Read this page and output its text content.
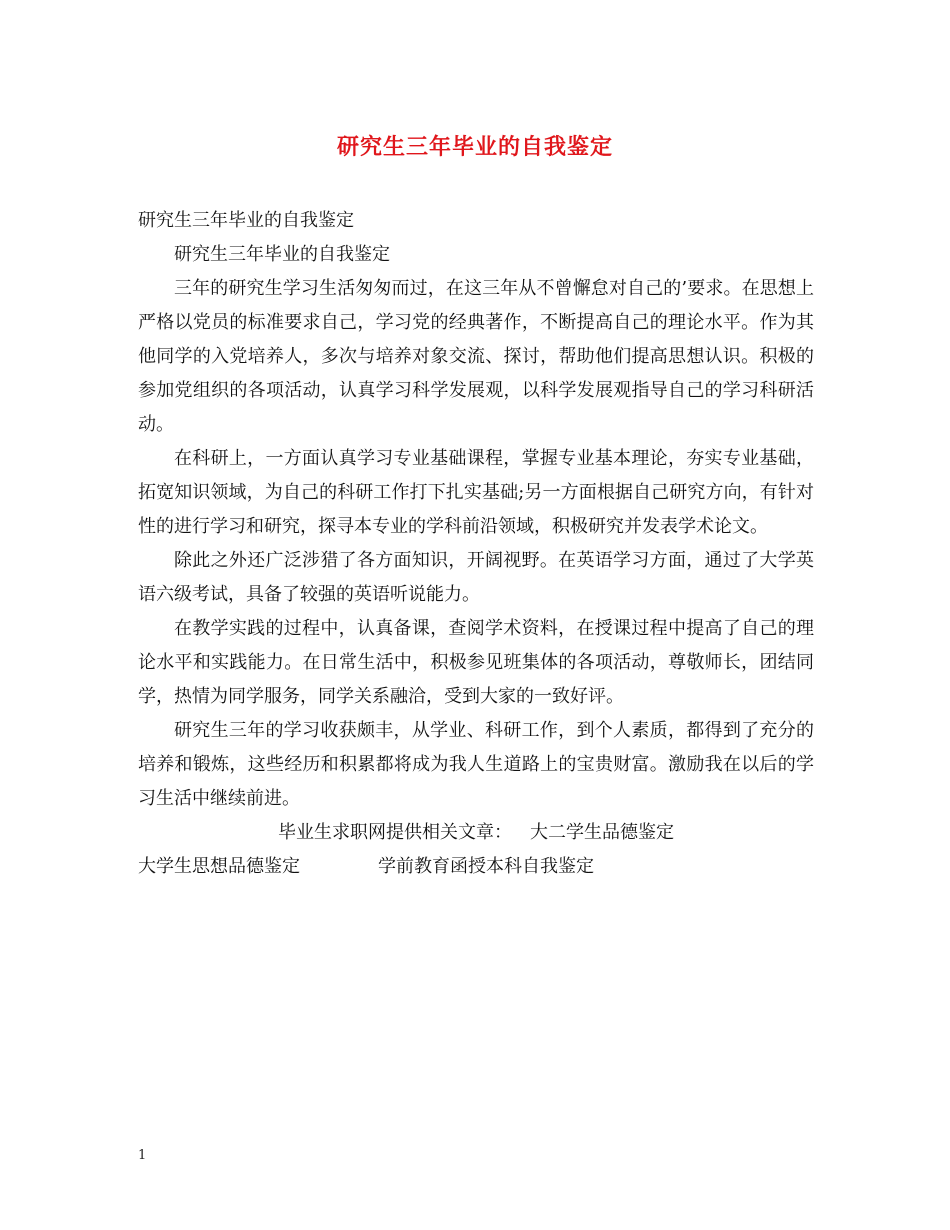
研究生三年毕业的自我鉴定

研究生三年毕业的自我鉴定

研究生三年毕业的自我鉴定

三年的研究生学习生活匆匆而过，在这三年从不曾懈怠对自己的’要求。在思想上严格以党员的标准要求自己，学习党的经典著作，不断提高自己的理论水平。作为其他同学的入党培养人，多次与培养对象交流、探讨，帮助他们提高思想认识。积极的参加党组织的各项活动，认真学习科学发展观，以科学发展观指导自己的学习科研活动。

在科研上，一方面认真学习专业基础课程，掌握专业基本理论，夯实专业基础，拓宽知识领域，为自己的科研工作打下扎实基础;另一方面根据自己研究方向，有针对性的进行学习和研究，探寻本专业的学科前沿领域，积极研究并发表学术论文。

除此之外还广泛涉猎了各方面知识，开阔视野。在英语学习方面，通过了大学英语六级考试，具备了较强的英语听说能力。

在教学实践的过程中，认真备课，查阅学术资料，在授课过程中提高了自己的理论水平和实践能力。在日常生活中，积极参见班集体的各项活动，尊敬师长，团结同学，热情为同学服务，同学关系融洽，受到大家的一致好评。

研究生三年的学习收获颇丰，从学业、科研工作，到个人素质，都得到了充分的培养和锻炼，这些经历和积累都将成为我人生道路上的宝贵财富。激励我在以后的学习生活中继续前进。

毕业生求职网提供相关文章： 大二学生品德鉴定

大学生思想品德鉴定	学前教育函授本科自我鉴定

1
